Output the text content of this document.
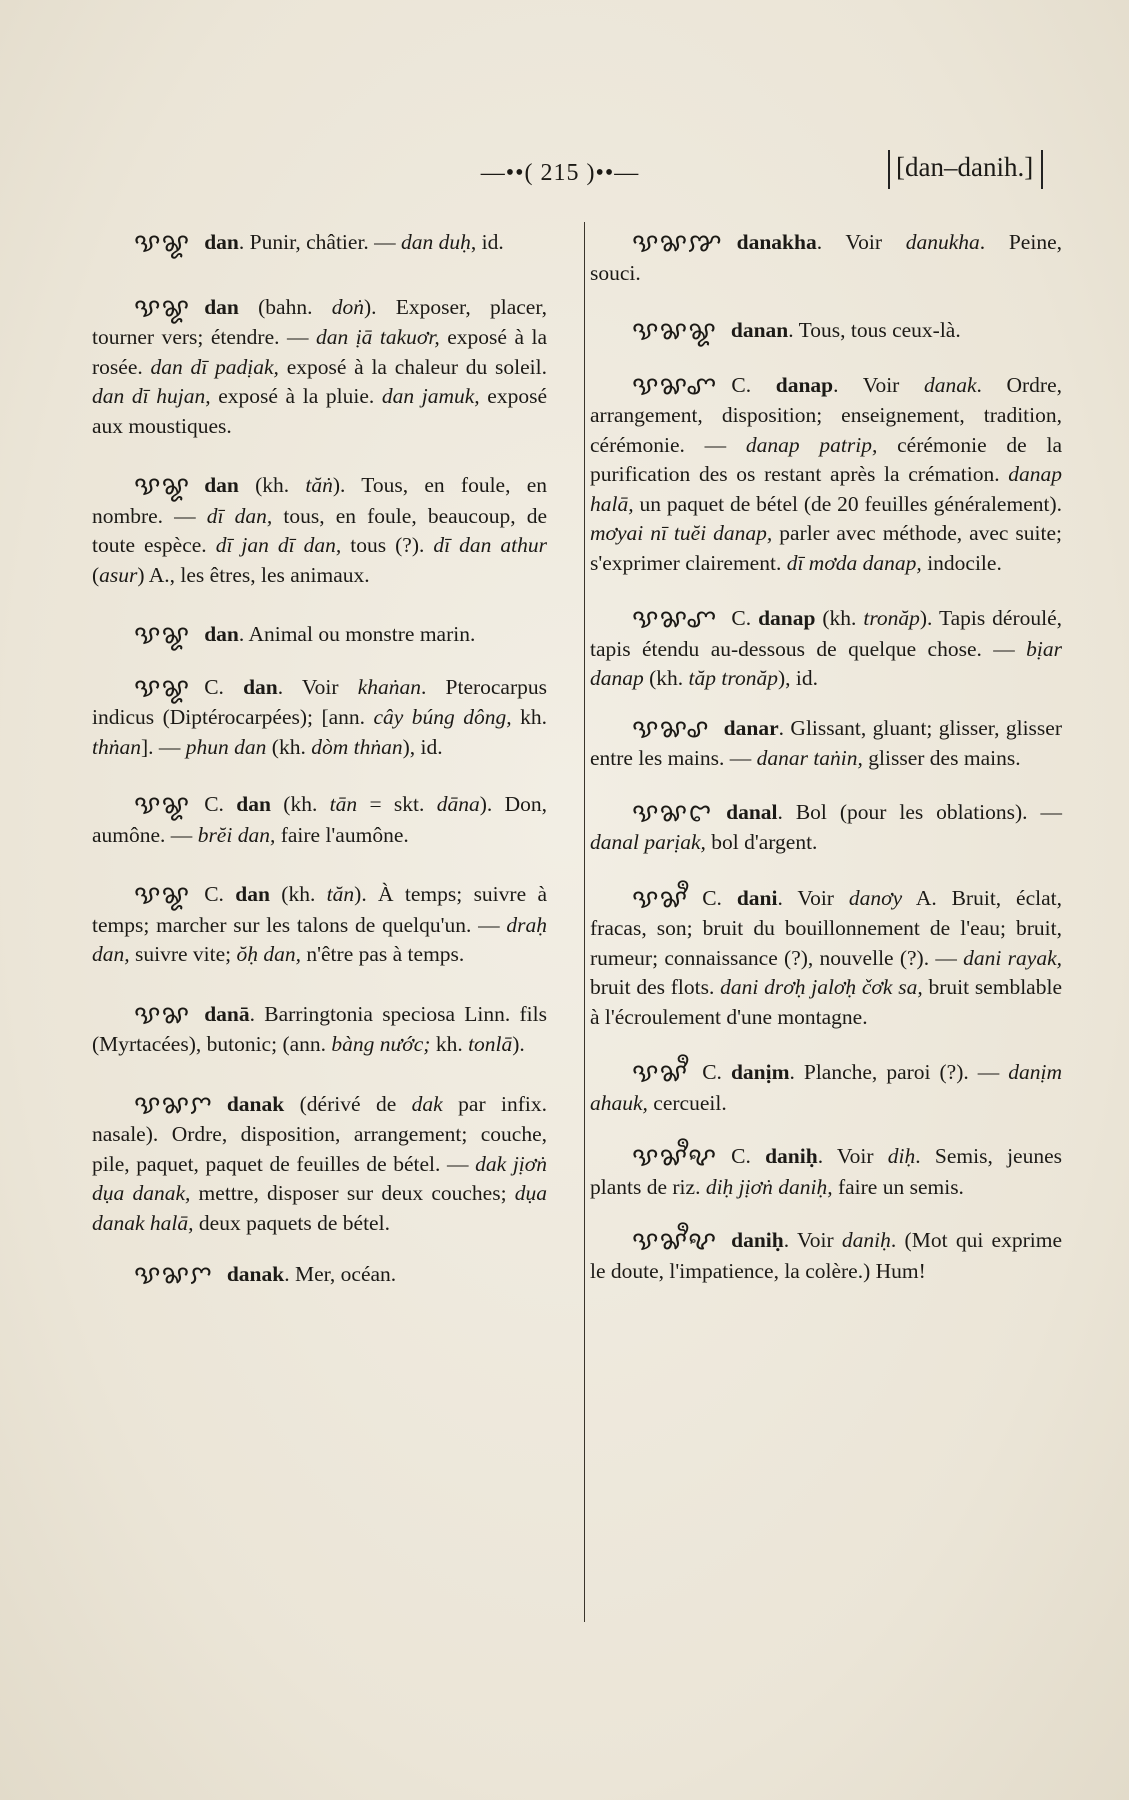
—••( 215 )••—	[dan–danih.]

ꨕꨘ dan. Punir, châtier. — dan duḥ, id.

ꨕꨘ dan (bahn. doṅ). Exposer, placer, tourner vers; étendre. — dan ịā takuơr, exposé à la rosée. dan dī padịak, exposé à la chaleur du soleil. dan dī hujan, exposé à la pluie. dan jamuk, exposé aux moustiques.

ꨕꨘ dan (kh. tăṅ). Tous, en foule, en nombre. — dī dan, tous, en foule, beaucoup, de toute espèce. dī jan dī dan, tous (?). dī dan athur (asur) A., les êtres, les animaux.

ꨕꨘ dan. Animal ou monstre marin.

ꨕꨘ C. dan. Voir khaṅan. Pterocarpus indicus (Diptérocarpées); [ann. cây búng dông, kh. thṅan]. — phun dan (kh. dòm thṅan), id.

ꨕꨘ C. dan (kh. tān = skt. dāna). Don, aumône. — brĕi dan, faire l'aumône.

ꨕꨘ C. dan (kh. tăn). À temps; suivre à temps; marcher sur les talons de quelqu'un. — draḥ dan, suivre vite; ŏḥ dan, n'être pas à temps.

ꨕꨗ danā. Barringtonia speciosa Linn. fils (Myrtacées), butonic; (ann. bàng nước; kh. tonlā).

ꨕꨗꨆ danak (dérivé de dak par infix. nasale). Ordre, disposition, arrangement; couche, pile, paquet, paquet de feuilles de bétel. — dak jịơṅ dụa danak, mettre, disposer sur deux couches; dụa danak halā, deux paquets de bétel.

ꨕꨗꨆ danak. Mer, océan.

ꨕꨗꨇ danakha. Voir danukha. Peine, souci.

ꨕꨗꨘ danan. Tous, tous ceux-là.

ꨕꨗꨚ C. danap. Voir danak. Ordre, arrangement, disposition; enseignement, tradition, cérémonie. — danap patrip, cérémonie de la purification des os restant après la crémation. danap halā, un paquet de bétel (de 20 feuilles généralement). mơyai nī tuĕi danap, parler avec méthode, avec suite; s'exprimer clairement. dī mơda danap, indocile.

ꨕꨗꨚ C. danap (kh. tronăp). Tapis déroulé, tapis étendu au-dessous de quelque chose. — bịar danap (kh. tăp tronăp), id.

ꨕꨗꨣ danar. Glissant, gluant; glisser, glisser entre les mains. — danar taṅin, glisser des mains.

ꨕꨗꨤ danal. Bol (pour les oblations). — danal parịak, bol d'argent.

ꨕꨗꨫ C. dani. Voir danơy A. Bruit, éclat, fracas, son; bruit du bouillonnement de l'eau; bruit, rumeur; connaissance (?), nouvelle (?). — dani rayak, bruit des flots. dani drơḥ jalơḥ čơk sa, bruit semblable à l'écroulement d'une montagne.

ꨕꨗꨫ C. danịm. Planche, paroi (?). — danịm ahauk, cercueil.

ꨕꨗꨫꨦ C. daniḥ. Voir diḥ. Semis, jeunes plants de riz. diḥ jịơṅ daniḥ, faire un semis.

ꨕꨗꨫꨦ daniḥ. Voir daniḥ. (Mot qui exprime le doute, l'impatience, la colère.) Hum!
